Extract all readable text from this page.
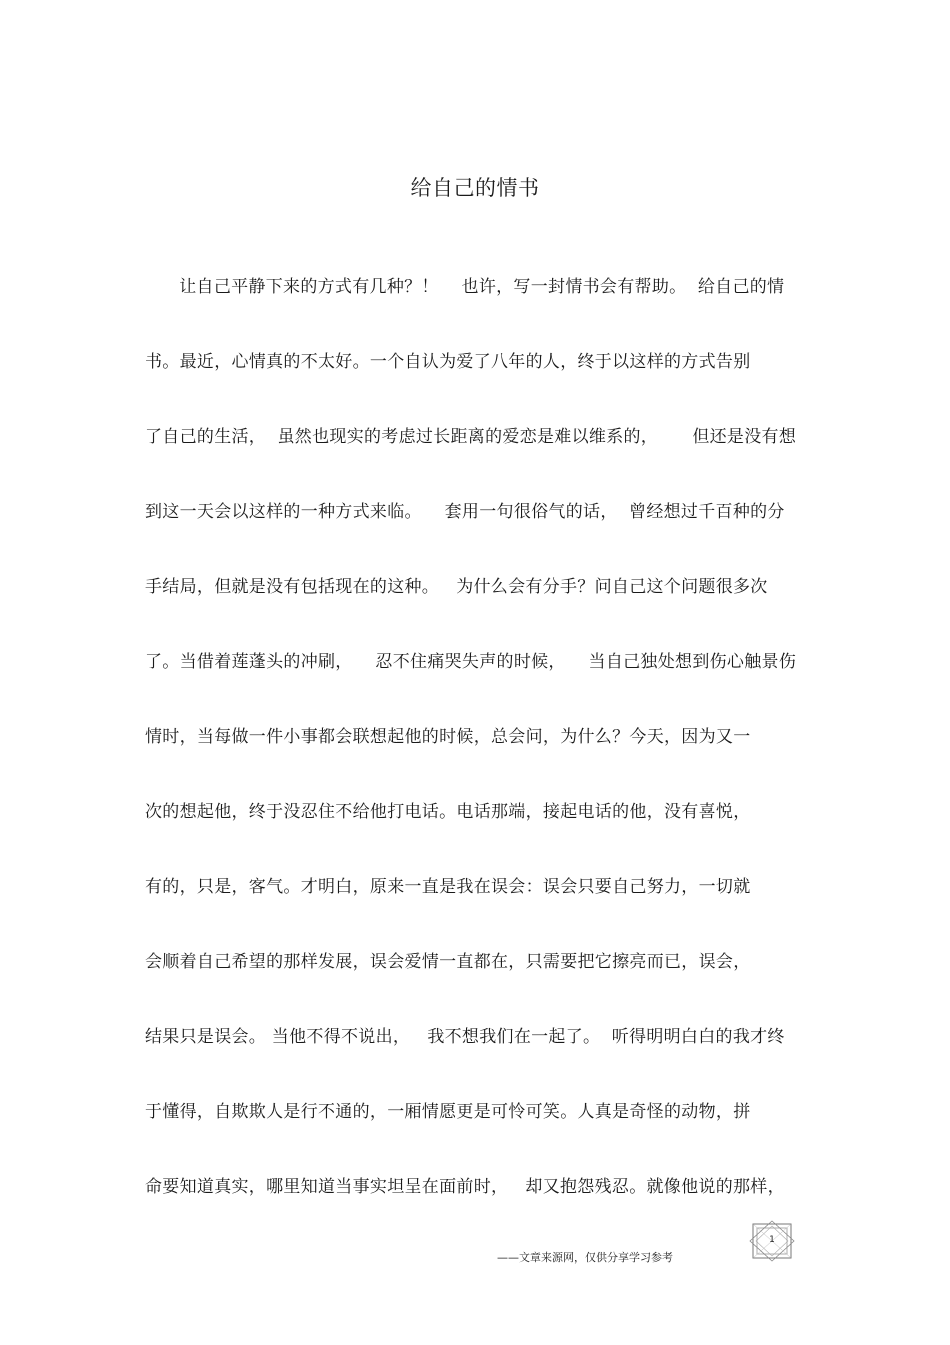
给自己的情书
让自己平静下来的方式有几种？！    也许，写一封情书会有帮助。  给自己的情
书。最近，心情真的不太好。一个自认为爱了八年的人，终于以这样的方式告别
了自己的生活，  虽然也现实的考虑过长距离的爱恋是难以维系的，      但还是没有想
到这一天会以这样的一种方式来临。    套用一句很俗气的话，  曾经想过千百种的分
手结局，但就是没有包括现在的这种。   为什么会有分手？问自己这个问题很多次
了。当借着莲蓬头的冲刷，    忍不住痛哭失声的时候，    当自己独处想到伤心触景伤
情时，当每做一件小事都会联想起他的时候，总会问，为什么？今天，因为又一
次的想起他，终于没忍住不给他打电话。电话那端，接起电话的他，没有喜悦，
有的，只是，客气。才明白，原来一直是我在误会：误会只要自己努力，一切就
会顺着自己希望的那样发展，误会爱情一直都在，只需要把它擦亮而已，误会，
结果只是误会。 当他不得不说出，   我不想我们在一起了。  听得明明白白的我才终
于懂得，自欺欺人是行不通的，一厢情愿更是可怜可笑。人真是奇怪的动物，拼
命要知道真实，哪里知道当事实坦呈在面前时，   却又抱怨残忍。就像他说的那样，
——文章来源网，仅供分享学习参考
1
